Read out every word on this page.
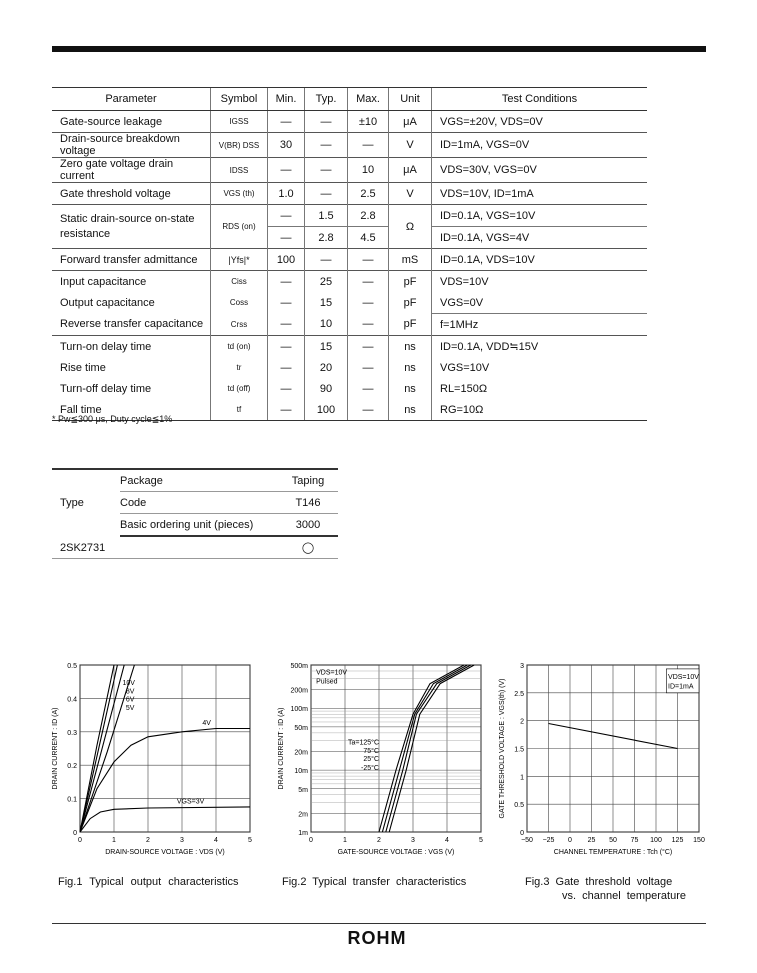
Parameter	Symbol	Min.	Typ.	Max.	Unit	Test Conditions
Gate-source leakage	IGSS	—	—	±10	μA	VGS=±20V, VDS=0V
Drain-source breakdown voltage	V(BR) DSS	30	—	—	V	ID=1mA, VGS=0V
Zero gate voltage drain current	IDSS	—	—	10	μA	VDS=30V, VGS=0V
Gate threshold voltage	VGS (th)	1.0	—	2.5	V	VDS=10V, ID=1mA
Static drain-source on-state resistance	RDS (on)	—	1.5	2.8	Ω	ID=0.1A, VGS=10V
		—	2.8	4.5		ID=0.1A, VGS=4V
Forward transfer admittance	|Yfs|*	100	—	—	mS	ID=0.1A, VDS=10V
Input capacitance	Ciss	—	25	—	pF	VDS=10V
Output capacitance	Coss	—	15	—	pF	VGS=0V
Reverse transfer capacitance	Crss	—	10	—	pF	f=1MHz
Turn-on delay time	td (on)	—	15	—	ns	ID=0.1A, VDD≒15V
Rise time	tr	—	20	—	ns	VGS=10V
Turn-off delay time	td (off)	—	90	—	ns	RL=150Ω
Fall time	tf	—	100	—	ns	RG=10Ω
* Pw≦300 μs, Duty cycle≦1%
Type	Package	Taping
	Code	T146
	Basic ordering unit (pieces)	3000
2SK2731		◯
0	1	2	3	4	5
0
0.1
0.2
0.3
0.4
0.5
DRAIN-SOURCE VOLTAGE : VDS (V)
DRAIN CURRENT : ID (A)
10V
8V
6V
5V
4V
VGS=3V
0	1	2	3	4	5
1m
2m
5m
10m
20m
50m
100m
200m
500m
GATE-SOURCE VOLTAGE : VGS (V)
DRAIN CURRENT : ID (A)
VDS=10V
Pulsed
Ta=125°C
75°C
25°C
-25°C
−50 −25 0 25 50 75 100 125 150
0
0.5
1
1.5
2
2.5
3
CHANNEL TEMPERATURE : Tch (°C)
GATE THRESHOLD VOLTAGE : VGS(th) (V)
VDS=10V
ID=1mA
Fig.1 Typical output characteristics	Fig.2 Typical transfer characteristics	Fig.3 Gate threshold voltage
vs. channel temperature
ROHM
